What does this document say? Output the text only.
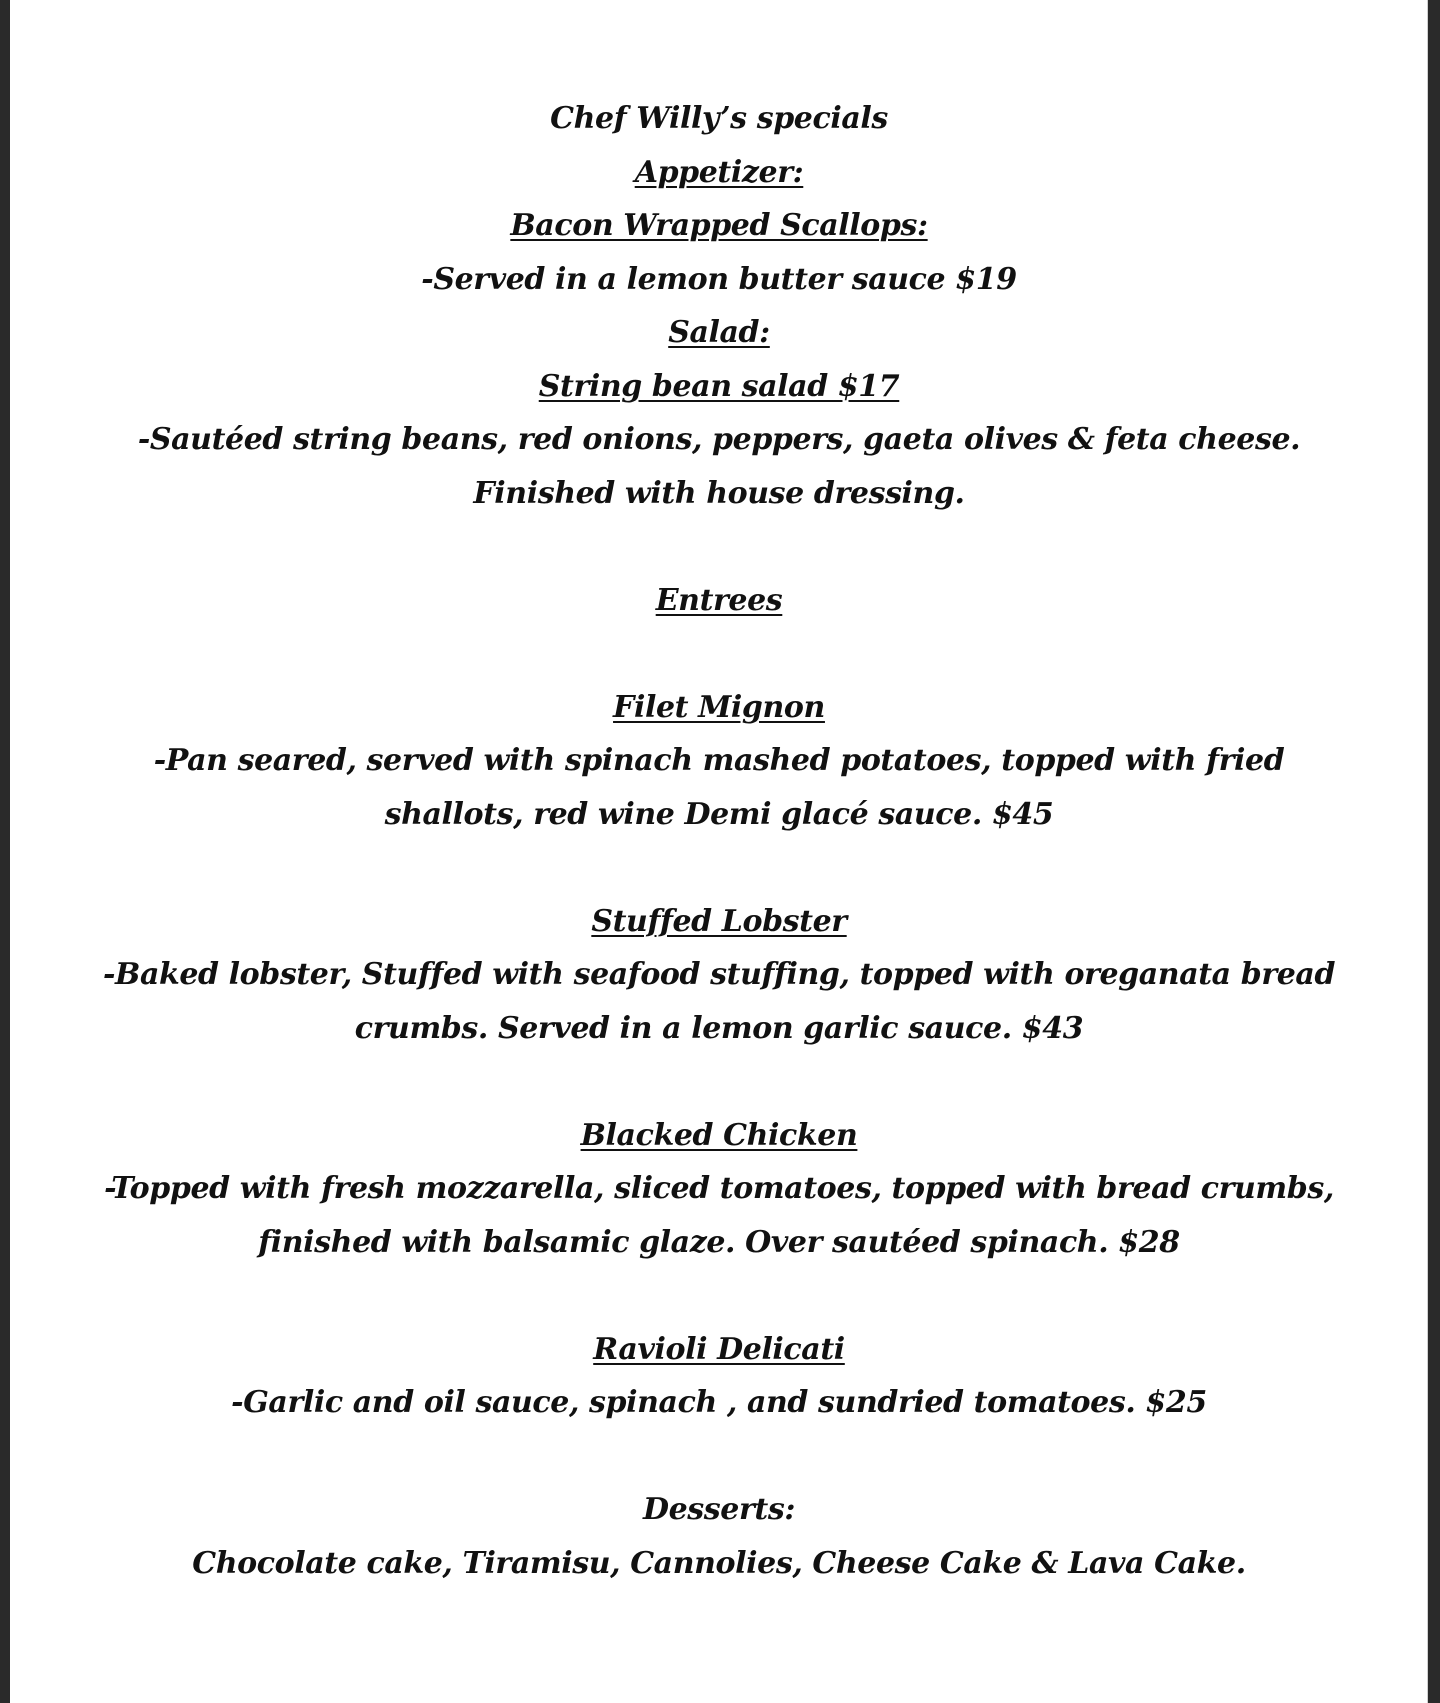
Chef Willy’s specials
Appetizer:
Bacon Wrapped Scallops:
-Served in a lemon butter sauce $19
Salad:
String bean salad $17
-Sautéed string beans, red onions, peppers, gaeta olives & feta cheese.
Finished with house dressing.
Entrees
Filet Mignon
-Pan seared, served with spinach mashed potatoes, topped with fried
shallots, red wine Demi glacé sauce. $45
Stuffed Lobster
-Baked lobster, Stuffed with seafood stuffing, topped with oreganata bread
crumbs. Served in a lemon garlic sauce. $43
Blacked Chicken
-Topped with fresh mozzarella, sliced tomatoes, topped with bread crumbs,
finished with balsamic glaze. Over sautéed spinach. $28
Ravioli Delicati
-Garlic and oil sauce, spinach , and sundried tomatoes. $25
Desserts:
Chocolate cake, Tiramisu, Cannolies, Cheese Cake & Lava Cake.
